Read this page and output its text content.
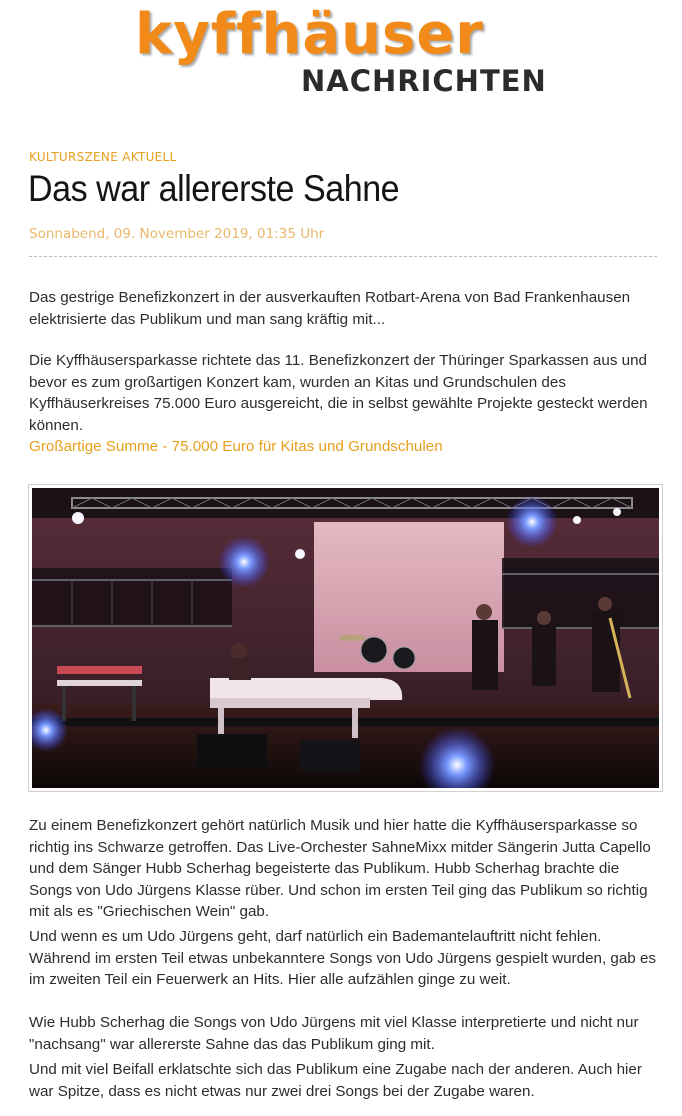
kyffhäuser
NACHRICHTEN
KULTURSZENE AKTUELL
Das war allererste Sahne
Sonnabend, 09. November 2019, 01:35 Uhr

Das gestrige Benefizkonzert in der ausverkauften Rotbart-Arena von Bad Frankenhausen elektrisierte das Publikum und man sang kräftig mit...

Die Kyffhäusersparkasse richtete das 11. Benefizkonzert der Thüringer Sparkassen aus und bevor es zum großartigen Konzert kam, wurden an Kitas und Grundschulen des Kyffhäuserkreises 75.000 Euro ausgereicht, die in selbst gewählte Projekte gesteckt werden können.

Großartige Summe - 75.000 Euro für Kitas und Grundschulen

Zu einem Benefizkonzert gehört natürlich Musik und hier hatte die Kyffhäusersparkasse so richtig ins Schwarze getroffen. Das Live-Orchester SahneMixx mitder Sängerin Jutta Capello und dem Sänger Hubb Scherhag begeisterte das Publikum. Hubb Scherhag brachte die Songs von Udo Jürgens Klasse rüber. Und schon im ersten Teil ging das Publikum so richtig mit als es "Griechischen Wein" gab.

Und wenn es um Udo Jürgens geht, darf natürlich ein Bademantelauftritt nicht fehlen. Während im ersten Teil etwas unbekanntere Songs von Udo Jürgens gespielt wurden, gab es im zweiten Teil ein Feuerwerk an Hits. Hier alle aufzählen ginge zu weit.

Wie Hubb Scherhag die Songs von Udo Jürgens mit viel Klasse interpretierte und nicht nur "nachsang" war allererste Sahne das das Publikum ging mit.

Und mit viel Beifall erklatschte sich das Publikum eine Zugabe nach der anderen. Auch hier war Spitze, dass es nicht etwas nur zwei drei Songs bei der Zugabe waren.
